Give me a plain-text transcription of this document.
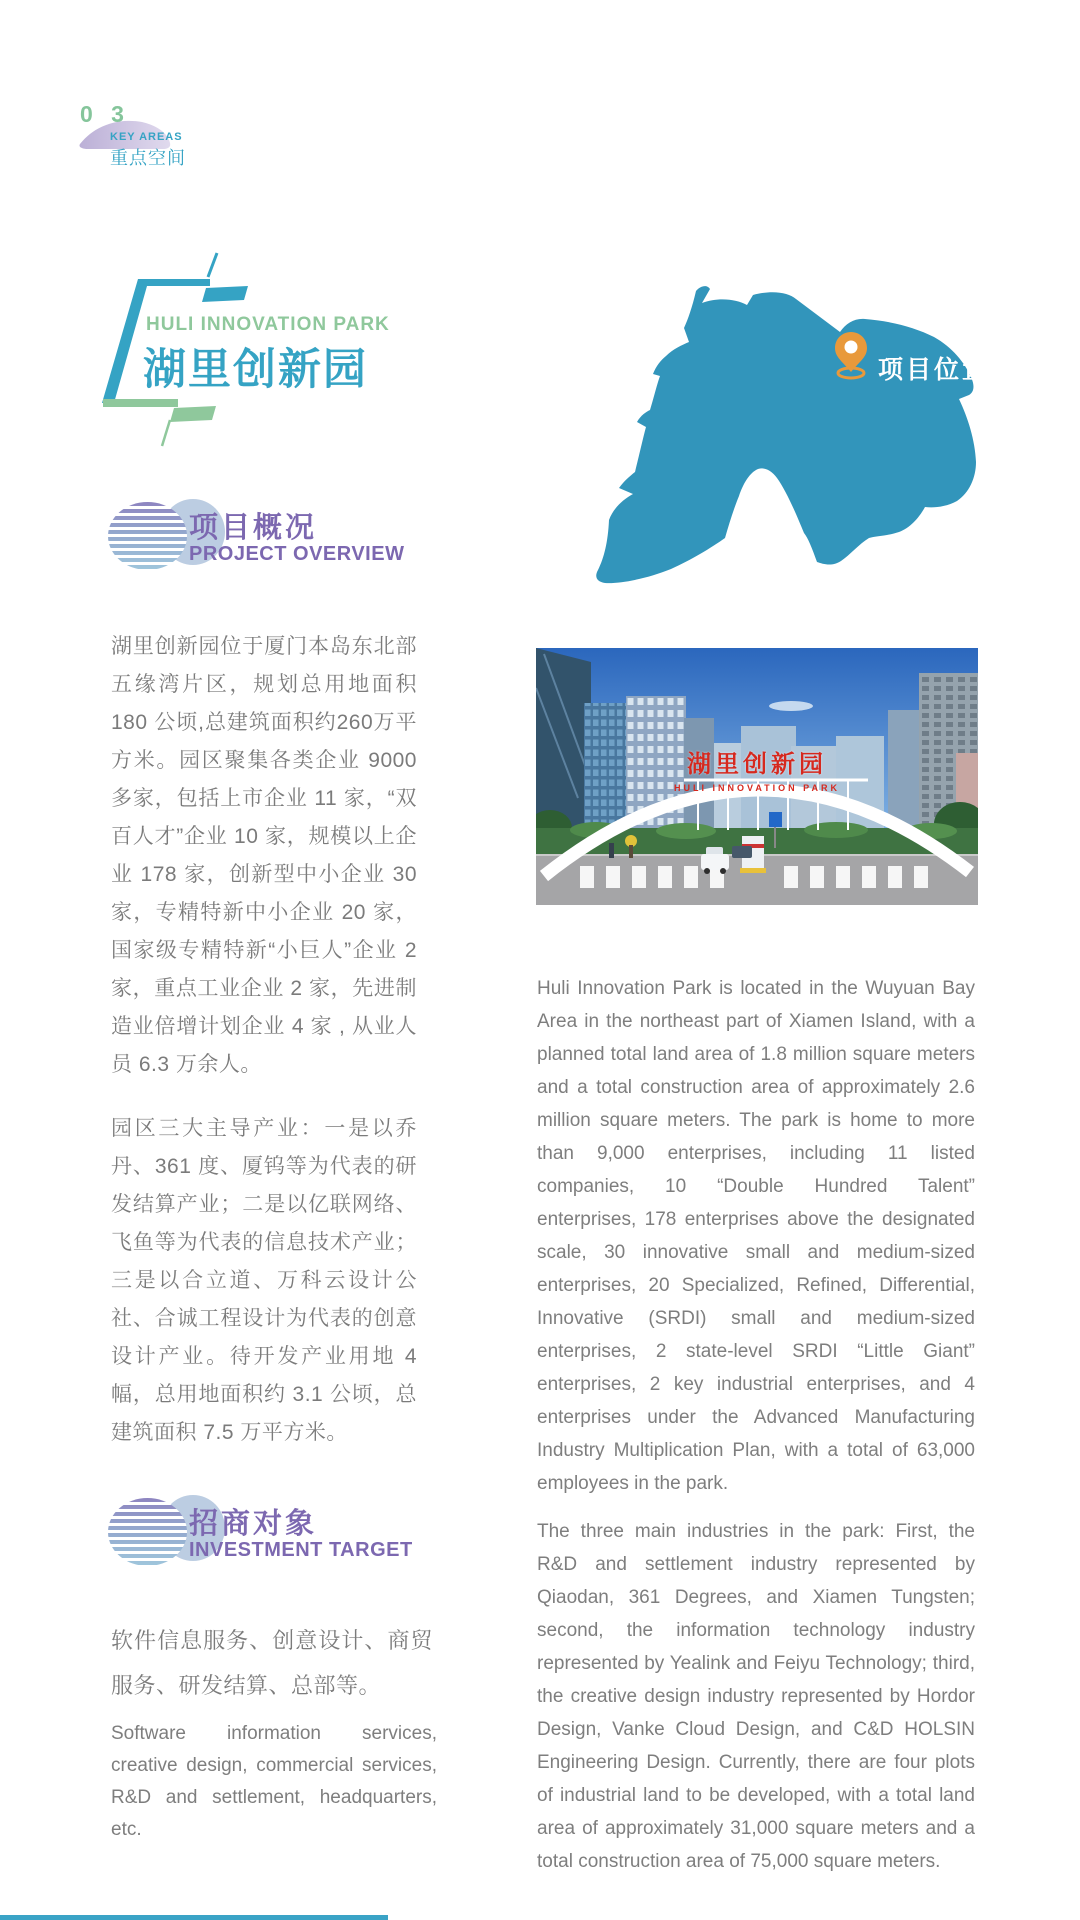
0 3
KEY AREAS
重点空间
HULI INNOVATION PARK
湖里创新园	项目位置
项目概况
PROJECT OVERVIEW

湖里创新园位于厦门本岛东北部五缘湾片区，规划总用地面积 180 公顷,总建筑面积约260万平方米。园区聚集各类企业 9000 多家，包括上市企业 11 家，“双百人才”企业 10 家，规模以上企业 178 家，创新型中小企业 30 家，专精特新中小企业 20 家，国家级专精特新“小巨人”企业 2 家，重点工业企业 2 家，先进制造业倍增计划企业 4 家 , 从业人员 6.3 万余人。

园区三大主导产业：一是以乔丹、361 度、厦钨等为代表的研发结算产业；二是以亿联网络、飞鱼等为代表的信息技术产业；三是以合立道、万科云设计公社、合诚工程设计为代表的创意设计产业。待开发产业用地 4 幅，总用地面积约 3.1 公顷，总建筑面积 7.5 万平方米。

湖里创新园
HULI INNOVATION PARK

Huli Innovation Park is located in the Wuyuan Bay Area in the northeast part of Xiamen Island, with a planned total land area of 1.8 million square meters and a total construction area of approximately 2.6 million square meters. The park is home to more than 9,000 enterprises, including 11 listed companies, 10 “Double Hundred Talent” enterprises, 178 enterprises above the designated scale, 30 innovative small and medium-sized enterprises, 20 Specialized, Refined, Differential, Innovative (SRDI) small and medium-sized enterprises, 2 state-level SRDI “Little Giant” enterprises, 2 key industrial enterprises, and 4 enterprises under the Advanced Manufacturing Industry Multiplication Plan, with a total of 63,000 employees in the park.

The three main industries in the park: First, the R&D and settlement industry represented by Qiaodan, 361 Degrees, and Xiamen Tungsten; second, the information technology industry represented by Yealink and Feiyu Technology; third, the creative design industry represented by Hordor Design, Vanke Cloud Design, and C&D HOLSIN Engineering Design. Currently, there are four plots of industrial land to be developed, with a total land area of approximately 31,000 square meters and a total construction area of 75,000 square meters.

招商对象
INVESTMENT TARGET
软件信息服务、创意设计、商贸服务、研发结算、总部等。
Software information services, creative design, commercial services, R&D and settlement, headquarters, etc.
